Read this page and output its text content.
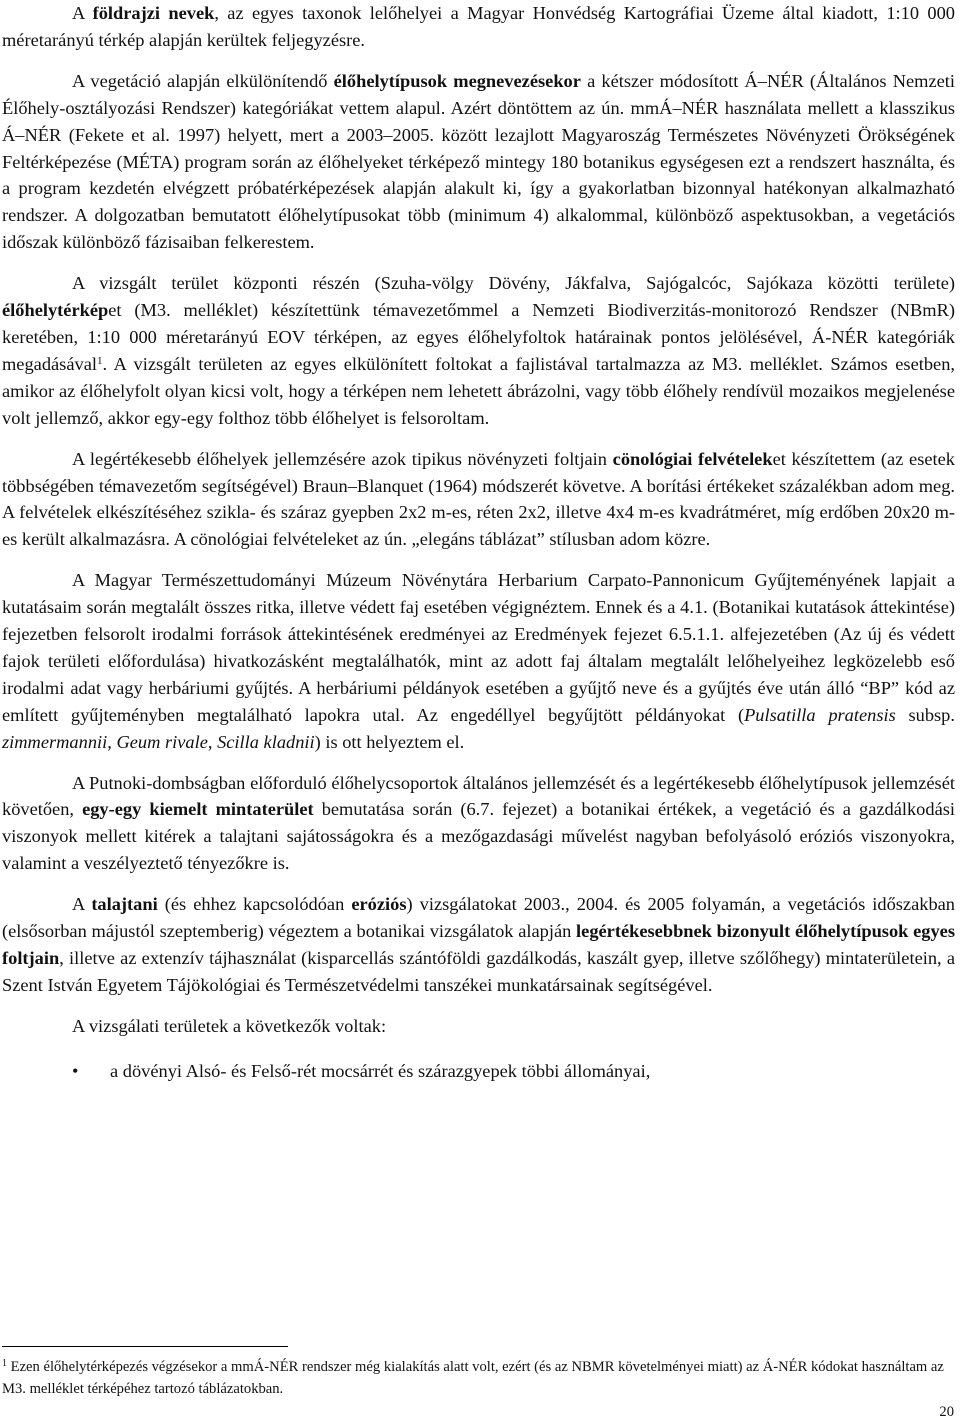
A földrajzi nevek, az egyes taxonok lelőhelyei a Magyar Honvédség Kartográfiai Üzeme által kiadott, 1:10 000 méretarányú térkép alapján kerültek feljegyzésre.

A vegetáció alapján elkülönítendő élőhelytípusok megnevezésekor a kétszer módosított Á–NÉR (Általános Nemzeti Élőhely-osztályozási Rendszer) kategóriákat vettem alapul. Azért döntöttem az ún. mmÁ–NÉR használata mellett a klasszikus Á–NÉR (Fekete et al. 1997) helyett, mert a 2003–2005. között lezajlott Magyaroszág Természetes Növényzeti Örökségének Feltérképezése (MÉTA) program során az élőhelyeket térképező mintegy 180 botanikus egységesen ezt a rendszert használta, és a program kezdetén elvégzett próbatérképezések alapján alakult ki, így a gyakorlatban bizonnyal hatékonyan alkalmazható rendszer. A dolgozatban bemutatott élőhelytípusokat több (minimum 4) alkalommal, különböző aspektusokban, a vegetációs időszak különböző fázisaiban felkerestem.

A vizsgált terület központi részén (Szuha-völgy Dövény, Jákfalva, Sajógalcóc, Sajókaza közötti területe) élőhelytérképet (M3. melléklet) készítettünk témavezetőmmel a Nemzeti Biodiverzitás-monitorozó Rendszer (NBmR) keretében, 1:10 000 méretarányú EOV térképen, az egyes élőhelyfoltok határainak pontos jelölésével, Á-NÉR kategóriák megadásával$^1$. A vizsgált területen az egyes elkülönített foltokat a fajlistával tartalmazza az M3. melléklet. Számos esetben, amikor az élőhelyfolt olyan kicsi volt, hogy a térképen nem lehetett ábrázolni, vagy több élőhely rendívül mozaikos megjelenése volt jellemző, akkor egy-egy folthoz több élőhelyet is felsoroltam.

A legértékesebb élőhelyek jellemzésére azok tipikus növényzeti foltjain cönológiai felvételeket készítettem (az esetek többségében témavezetőm segítségével) Braun–Blanquet (1964) módszerét követve. A borítási értékeket százalékban adom meg. A felvételek elkészítéséhez szikla- és száraz gyepben 2x2 m-es, réten 2x2, illetve 4x4 m-es kvadrátméret, míg erdőben 20x20 m-es került alkalmazásra. A cönológiai felvételeket az ún. „elegáns táblázat” stílusban adom közre.

A Magyar Természettudományi Múzeum Növénytára Herbarium Carpato-Pannonicum Gyűjteményének lapjait a kutatásaim során megtalált összes ritka, illetve védett faj esetében végignéztem. Ennek és a 4.1. (Botanikai kutatások áttekintése) fejezetben felsorolt irodalmi források áttekintésének eredményei az Eredmények fejezet 6.5.1.1. alfejezetében (Az új és védett fajok területi előfordulása) hivatkozásként megtalálhatók, mint az adott faj általam megtalált lelőhelyeihez legközelebb eső irodalmi adat vagy herbáriumi gyűjtés. A herbáriumi példányok esetében a gyűjtő neve és a gyűjtés éve után álló “BP” kód az említett gyűjteményben megtalálható lapokra utal. Az engedéllyel begyűjtött példányokat (Pulsatilla pratensis subsp. zimmermannii, Geum rivale, Scilla kladnii) is ott helyeztem el.

A Putnoki-dombságban előforduló élőhelycsoportok általános jellemzését és a legértékesebb élőhelytípusok jellemzését követően, egy-egy kiemelt mintaterület bemutatása során (6.7. fejezet) a botanikai értékek, a vegetáció és a gazdálkodási viszonyok mellett kitérek a talajtani sajátosságokra és a mezőgazdasági művelést nagyban befolyásoló eróziós viszonyokra, valamint a veszélyeztető tényezőkre is.

A talajtani (és ehhez kapcsolódóan eróziós) vizsgálatokat 2003., 2004. és 2005 folyamán, a vegetációs időszakban (elsősorban májustól szeptemberig) végeztem a botanikai vizsgálatok alapján legértékesebbnek bizonyult élőhelytípusok egyes foltjain, illetve az extenzív tájhasználat (kisparcellás szántóföldi gazdálkodás, kaszált gyep, illetve szőlőhegy) mintaterületein, a Szent István Egyetem Tájökológiai és Természetvédelmi tanszékei munkatársainak segítségével.

A vizsgálati területek a következők voltak:

• a dövényi Alsó- és Felső-rét mocsárrét és szárazgyepek többi állományai,
$^1$ Ezen élőhelytérképezés végzésekor a mmÁ-NÉR rendszer még kialakítás alatt volt, ezért (és az NBMR követelményei miatt) az Á-NÉR kódokat használtam az M3. melléklet térképéhez tartozó táblázatokban.
20
